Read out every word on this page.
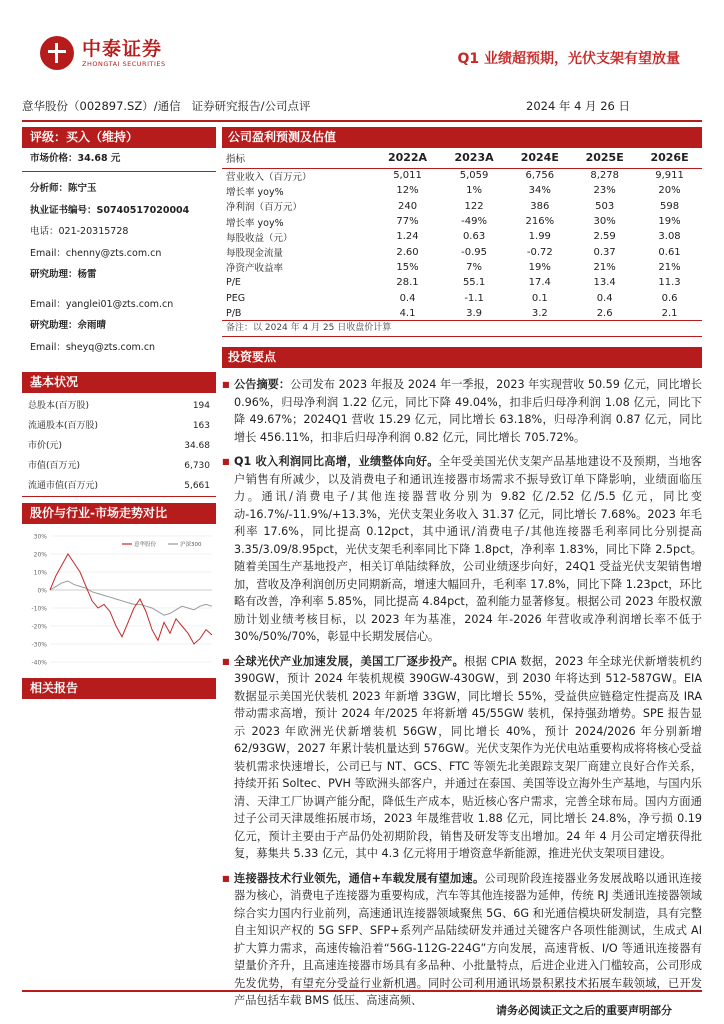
中泰证券
ZHONGTAI SECURITIES	Q1 业绩超预期，光伏支架有望放量
意华股份（002897.SZ）/通信 证券研究报告/公司点评	2024 年 4 月 26 日
评级：买入（维持）
市场价格：34.68 元
分析师：陈宁玉
执业证书编号：S0740517020004
电话：021-20315728
Email：chenny@zts.com.cn
研究助理：杨雷
Email：yanglei01@zts.com.cn
研究助理：佘雨晴
Email：sheyq@zts.com.cn
基本状况
总股本(百万股)	194
流通股本(百万股)	163
市价(元)	34.68
市值(百万元)	6,730
流通市值(百万元)	5,661
股价与行业-市场走势对比
30%
20%
10%
0%
-10%
-20%
-30%
-40%
意华股份	沪深300
相关报告
公司盈利预测及估值
指标	2022A	2023A	2024E	2025E	2026E
营业收入（百万元）	5,011	5,059	6,756	8,278	9,911
增长率 yoy%	12%	1%	34%	23%	20%
净利润（百万元）	240	122	386	503	598
增长率 yoy%	77%	-49%	216%	30%	19%
每股收益（元）	1.24	0.63	1.99	2.59	3.08
每股现金流量	2.60	-0.95	-0.72	0.37	0.61
净资产收益率	15%	7%	19%	21%	21%
P/E	28.1	55.1	17.4	13.4	11.3
PEG	0.4	-1.1	0.1	0.4	0.6
P/B	4.1	3.9	3.2	2.6	2.1
备注：以 2024 年 4 月 25 日收盘价计算
投资要点
■ 公告摘要：公司发布 2023 年报及 2024 年一季报，2023 年实现营收 50.59 亿元，同比增长 0.96%，归母净利润 1.22 亿元，同比下降 49.04%，扣非后归母净利润 1.08 亿元，同比下降 49.67%；2024Q1 营收 15.29 亿元，同比增长 63.18%，归母净利润 0.87 亿元，同比增长 456.11%，扣非后归母净利润 0.82 亿元，同比增长 705.72%。
■ Q1 收入利润同比高增，业绩整体向好。全年受美国光伏支架产品基地建设不及预期，当地客户销售有所减少，以及消费电子和通讯连接器市场需求不振导致订单下降影响，业绩面临压力。通讯/消费电子/其他连接器营收分别为 9.82 亿/2.52 亿/5.5 亿元，同比变动-16.7%/-11.9%/+13.3%，光伏支架业务收入 31.37 亿元，同比增长 7.68%。2023 年毛利率 17.6%，同比提高 0.12pct，其中通讯/消费电子/其他连接器毛利率同比分别提高 3.35/3.09/8.95pct，光伏支架毛利率同比下降 1.8pct，净利率 1.83%，同比下降 2.5pct。随着美国生产基地投产，相关订单陆续释放，公司业绩逐步向好，24Q1 受益光伏支架销售增加，营收及净利润创历史同期新高，增速大幅回升，毛利率 17.8%，同比下降 1.23pct，环比略有改善，净利率 5.85%，同比提高 4.84pct，盈利能力显著修复。根据公司 2023 年股权激励计划业绩考核目标，以 2023 年为基准，2024 年-2026 年营收或净利润增长率不低于 30%/50%/70%，彰显中长期发展信心。
■ 全球光伏产业加速发展，美国工厂逐步投产。根据 CPIA 数据，2023 年全球光伏新增装机约 390GW，预计 2024 年装机规模 390GW-430GW，到 2030 年将达到 512-587GW。EIA 数据显示美国光伏装机 2023 年新增 33GW，同比增长 55%，受益供应链稳定性提高及 IRA 带动需求高增，预计 2024 年/2025 年将新增 45/55GW 装机，保持强劲增势。SPE 报告显示 2023 年欧洲光伏新增装机 56GW，同比增长 40%，预计 2024/2026 年分别新增 62/93GW，2027 年累计装机量达到 576GW。光伏支架作为光伏电站重要构成将将核心受益装机需求快速增长，公司已与 NT、GCS、FTC 等领先北美跟踪支架厂商建立良好合作关系，持续开拓 Soltec、PVH 等欧洲头部客户，并通过在泰国、美国等设立海外生产基地，与国内乐清、天津工厂协调产能分配，降低生产成本，贴近核心客户需求，完善全球布局。国内方面通过子公司天津晟维拓展市场，2023 年晟维营收 1.88 亿元，同比增长 24.8%，净亏损 0.19 亿元，预计主要由于产品仍处初期阶段，销售及研发等支出增加。24 年 4 月公司定增获得批复，募集共 5.33 亿元，其中 4.3 亿元将用于增资意华新能源，推进光伏支架项目建设。
■ 连接器技术行业领先，通信+车载发展有望加速。公司现阶段连接器业务发展战略以通讯连接器为核心，消费电子连接器为重要构成，汽车等其他连接器为延伸，传统 RJ 类通讯连接器领域综合实力国内行业前列，高速通讯连接器领域聚焦 5G、6G 和光通信模块研发制造，具有完整自主知识产权的 5G SFP、SFP+系列产品陆续研发并通过关键客户各项性能测试，生成式 AI 扩大算力需求，高速传输沿着“56G-112G-224G”方向发展，高速背板、I/O 等通讯连接器有望量价齐升，且高速连接器市场具有多品种、小批量特点，后进企业进入门槛较高，公司形成先发优势，有望充分受益行业新机遇。同时公司利用通讯场景积累技术拓展车载领域，已开发产品包括车载 BMS 低压、高速高频、
请务必阅读正文之后的重要声明部分
